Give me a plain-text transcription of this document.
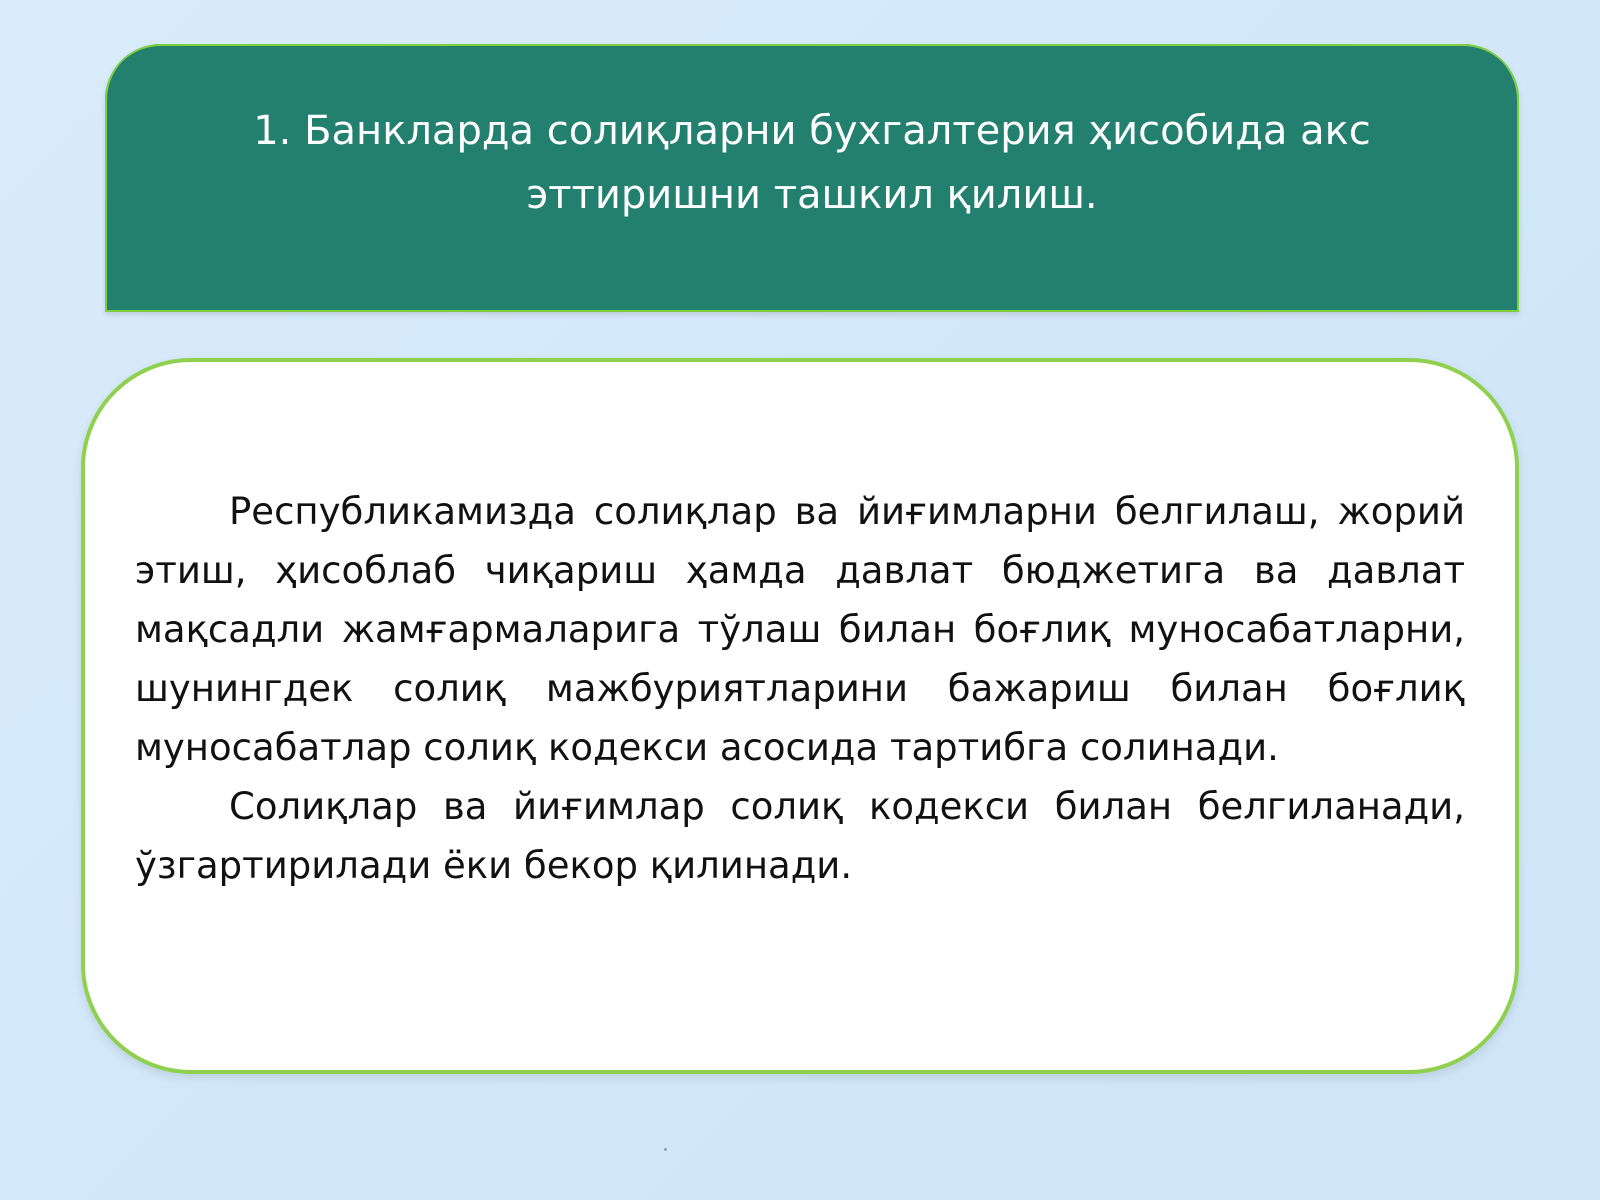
1. Банкларда солиқларни бухгалтерия ҳисобида акс эттиришни ташкил қилиш.

Республикамизда солиқлар ва йиғимларни белгилаш, жорий этиш, ҳисоблаб чиқариш ҳамда давлат бюджетига ва давлат мақсадли жамғармаларига тўлаш билан боғлиқ муносабатларни, шунингдек солиқ мажбуриятларини бажариш билан боғлиқ муносабатлар солиқ кодекси асосида тартибга солинади.

Солиқлар ва йиғимлар солиқ кодекси билан белгиланади, ўзгартирилади ёки бекор қилинади.
